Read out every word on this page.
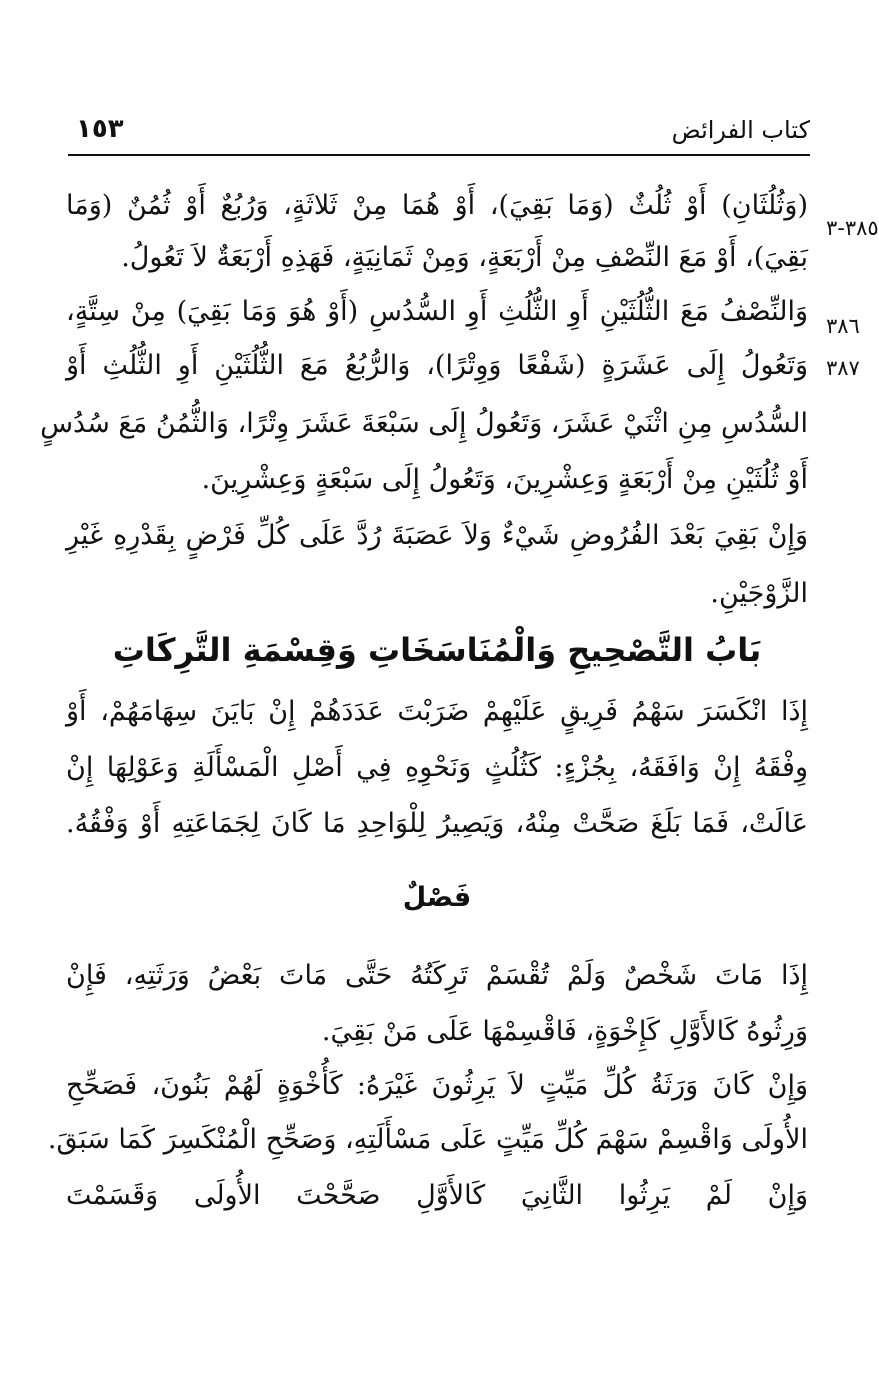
١٥٣	كتاب الفرائض
٣٨٥-٣
٣٨٦
٣٨٧
(وَثُلُثَانِ) أَوْ ثُلُثٌ (وَمَا بَقِيَ)، أَوْ هُمَا مِنْ ثَلاثَةٍ، وَرُبُعٌ أَوْ ثُمُنٌ (وَمَا
بَقِيَ)، أَوْ مَعَ النِّصْفِ مِنْ أَرْبَعَةٍ، وَمِنْ ثَمَانِيَةٍ، فَهَذِهِ أَرْبَعَةٌ لاَ تَعُولُ.
وَالنِّصْفُ مَعَ الثُّلُثَيْنِ أَوِ الثُّلُثِ أَوِ السُّدُسِ (أَوْ هُوَ وَمَا بَقِيَ) مِنْ سِتَّةٍ،
وَتَعُولُ إِلَى عَشَرَةٍ (شَفْعًا وَوِتْرًا)، وَالرُّبُعُ مَعَ الثُّلُثَيْنِ أَوِ الثُّلُثِ أَوْ
السُّدُسِ مِنِ اثْنَيْ عَشَرَ، وَتَعُولُ إِلَى سَبْعَةَ عَشَرَ وِتْرًا، وَالثُّمُنُ مَعَ سُدُسٍ
أَوْ ثُلُثَيْنِ مِنْ أَرْبَعَةٍ وَعِشْرِينَ، وَتَعُولُ إِلَى سَبْعَةٍ وَعِشْرِينَ.
وَإِنْ بَقِيَ بَعْدَ الفُرُوضِ شَيْءٌ وَلاَ عَصَبَةَ رُدَّ عَلَى كُلِّ فَرْضٍ بِقَدْرِهِ غَيْرِ
الزَّوْجَيْنِ.
بَابُ التَّصْحِيحِ وَالْمُنَاسَخَاتِ وَقِسْمَةِ التَّرِكَاتِ
إِذَا انْكَسَرَ سَهْمُ فَرِيقٍ عَلَيْهِمْ ضَرَبْتَ عَدَدَهُمْ إِنْ بَايَنَ سِهَامَهُمْ، أَوْ
وِفْقَهُ إِنْ وَافَقَهُ، بِجُزْءٍ: كَثُلُثٍ وَنَحْوِهِ فِي أَصْلِ الْمَسْأَلَةِ وَعَوْلِهَا إِنْ
عَالَتْ، فَمَا بَلَغَ صَحَّتْ مِنْهُ، وَيَصِيرُ لِلْوَاحِدِ مَا كَانَ لِجَمَاعَتِهِ أَوْ وَفْقُهُ.
فَصْلٌ
إِذَا مَاتَ شَخْصٌ وَلَمْ تُقْسَمْ تَرِكَتُهُ حَتَّى مَاتَ بَعْضُ وَرَثَتِهِ، فَإِنْ
وَرِثُوهُ كَالأَوَّلِ كَإِخْوَةٍ، فَاقْسِمْهَا عَلَى مَنْ بَقِيَ.
وَإِنْ كَانَ وَرَثَةُ كُلِّ مَيِّتٍ لاَ يَرِثُونَ غَيْرَهُ: كَأُخْوَةٍ لَهُمْ بَنُونَ، فَصَحِّحِ
الأُولَى وَاقْسِمْ سَهْمَ كُلِّ مَيِّتٍ عَلَى مَسْأَلَتِهِ، وَصَحِّحِ الْمُنْكَسِرَ كَمَا سَبَقَ.
وَإِنْ لَمْ يَرِثُوا الثَّانِيَ كَالأَوَّلِ صَحَّحْتَ الأُولَى وَقَسَمْتَ
